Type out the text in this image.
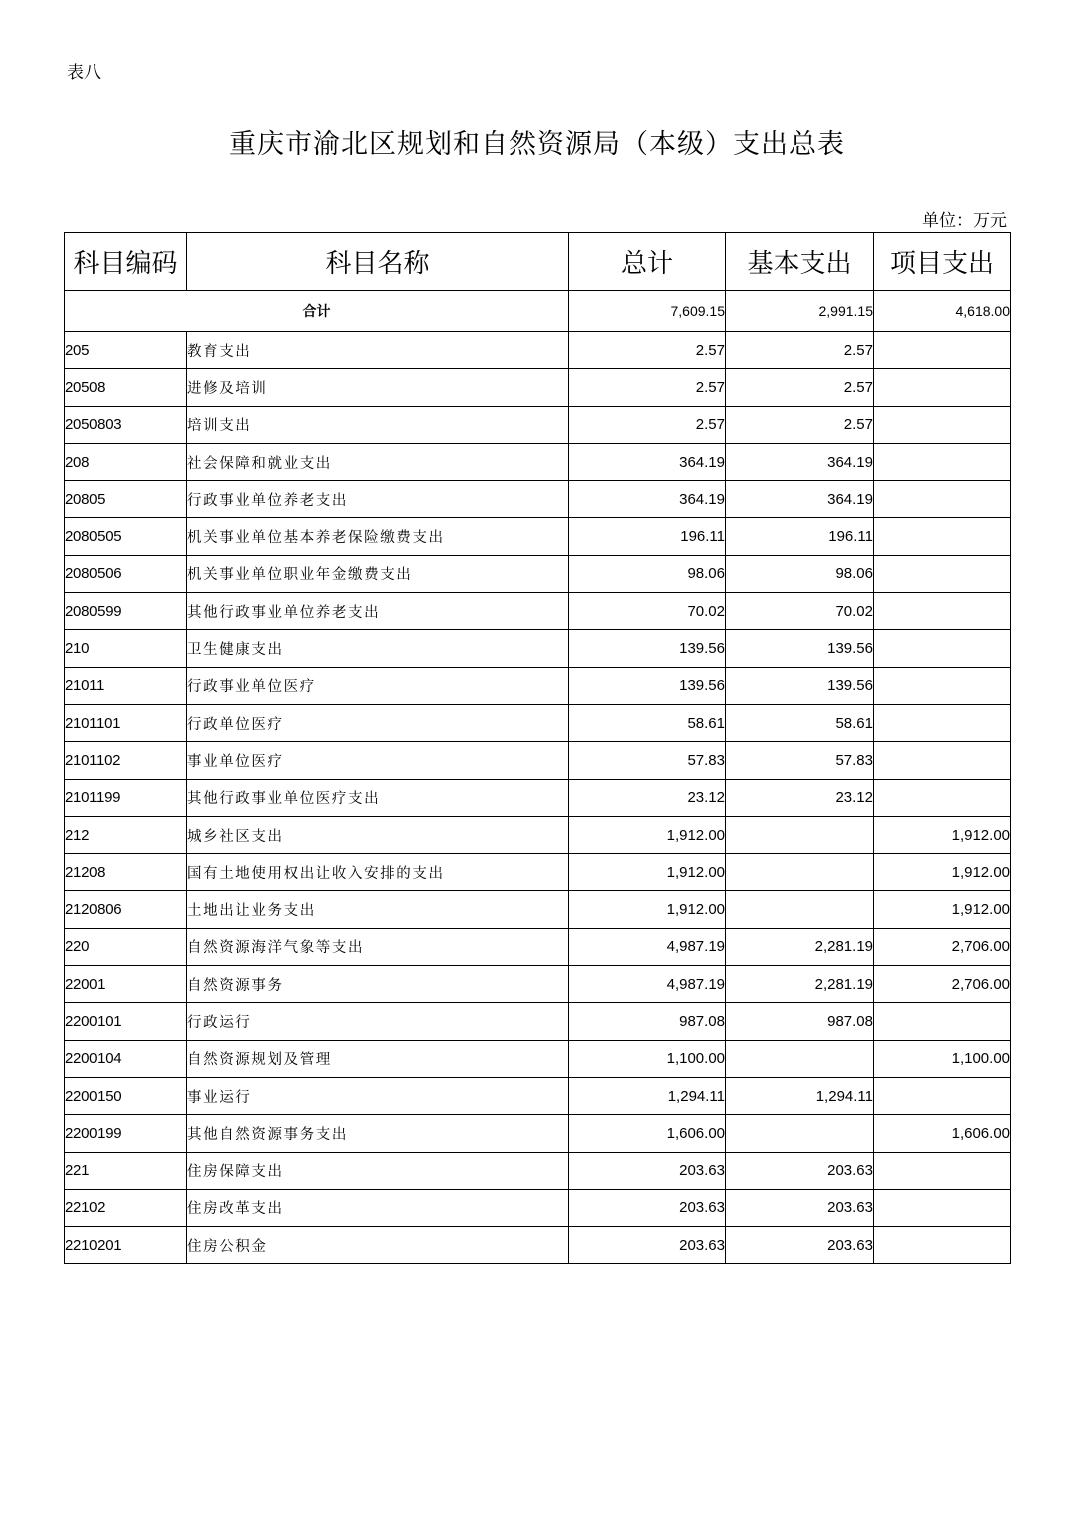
表八
重庆市渝北区规划和自然资源局（本级）支出总表
单位：万元
科目编码	科目名称	总计	基本支出	项目支出
合计		7,609.15	2,991.15	4,618.00
205	教育支出	2.57	2.57	
20508	进修及培训	2.57	2.57	
2050803	培训支出	2.57	2.57	
208	社会保障和就业支出	364.19	364.19	
20805	行政事业单位养老支出	364.19	364.19	
2080505	机关事业单位基本养老保险缴费支出	196.11	196.11	
2080506	机关事业单位职业年金缴费支出	98.06	98.06	
2080599	其他行政事业单位养老支出	70.02	70.02	
210	卫生健康支出	139.56	139.56	
21011	行政事业单位医疗	139.56	139.56	
2101101	行政单位医疗	58.61	58.61	
2101102	事业单位医疗	57.83	57.83	
2101199	其他行政事业单位医疗支出	23.12	23.12	
212	城乡社区支出	1,912.00		1,912.00
21208	国有土地使用权出让收入安排的支出	1,912.00		1,912.00
2120806	土地出让业务支出	1,912.00		1,912.00
220	自然资源海洋气象等支出	4,987.19	2,281.19	2,706.00
22001	自然资源事务	4,987.19	2,281.19	2,706.00
2200101	行政运行	987.08	987.08	
2200104	自然资源规划及管理	1,100.00		1,100.00
2200150	事业运行	1,294.11	1,294.11	
2200199	其他自然资源事务支出	1,606.00		1,606.00
221	住房保障支出	203.63	203.63	
22102	住房改革支出	203.63	203.63	
2210201	住房公积金	203.63	203.63	
